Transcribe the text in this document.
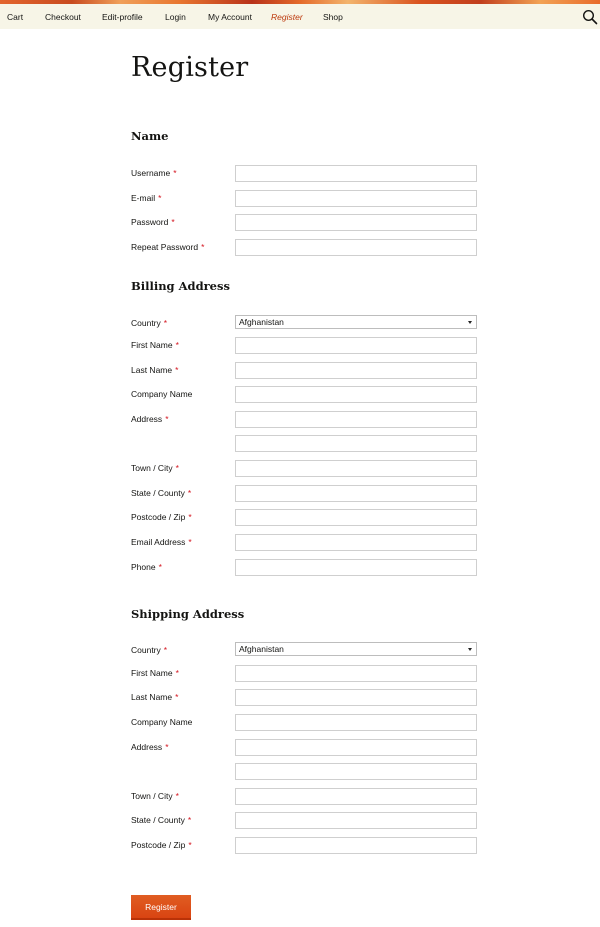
Cart	Checkout Edit-profile	Login	My Account Register Shop
Register
Name
Username *
E-mail *
Password *
Repeat Password *
Billing Address
Country *	Afghanistan
First Name *
Last Name *
Company Name
Address *
Town / City *
State / County *
Postcode / Zip *
Email Address *
Phone *
Shipping Address
Country *	Afghanistan
First Name *
Last Name *
Company Name
Address *
Town / City *
State / County *
Postcode / Zip *
Register
